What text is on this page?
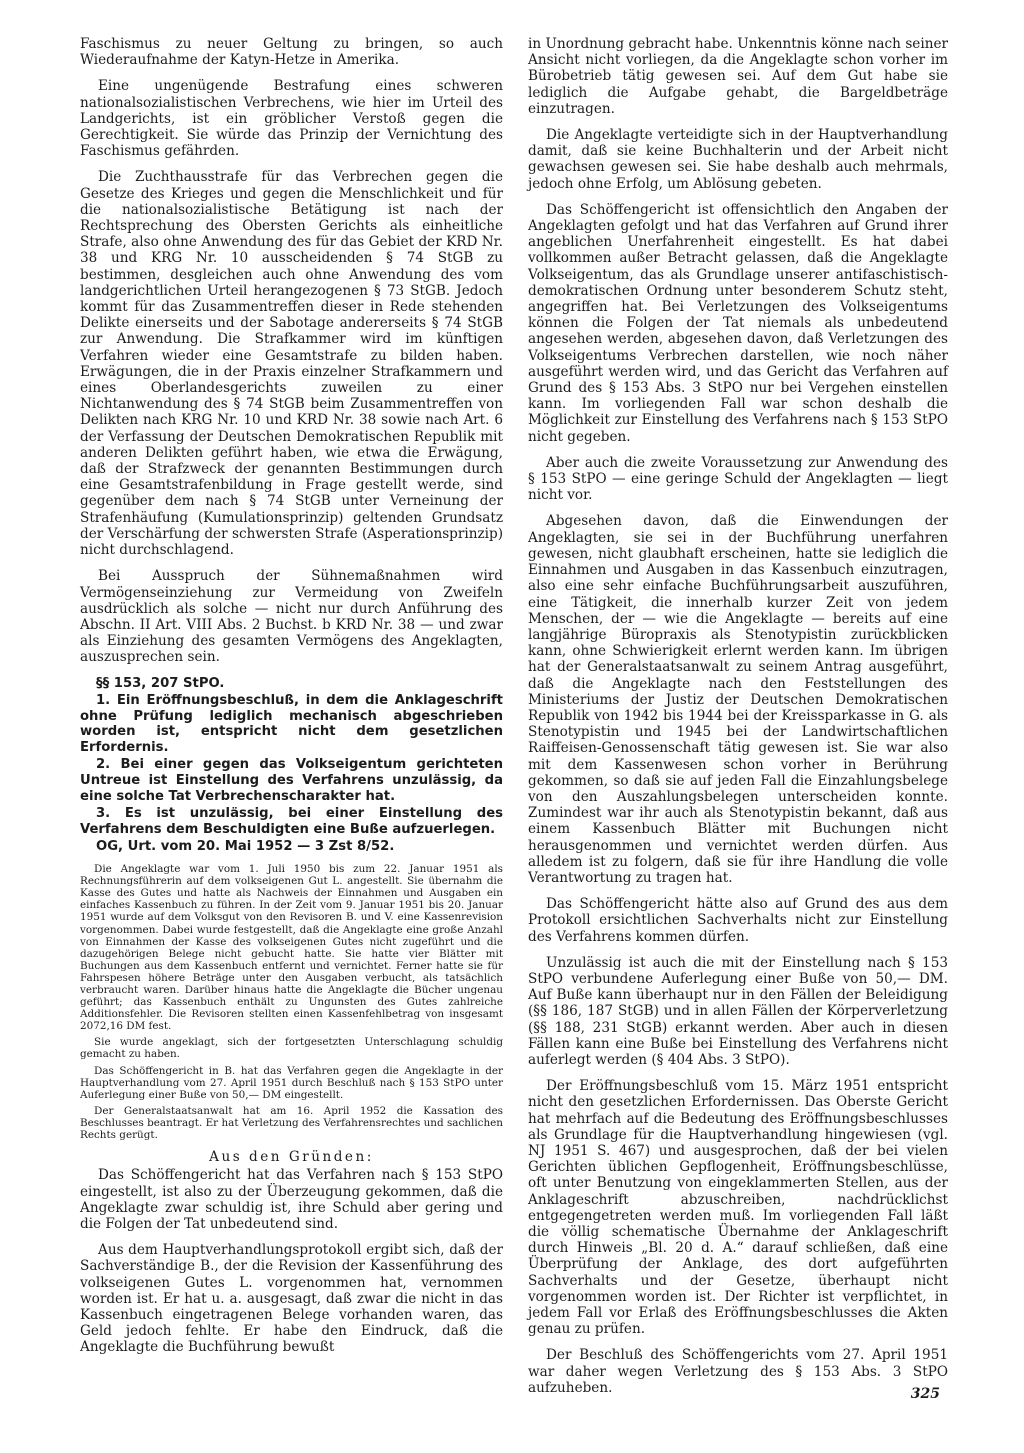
Faschismus zu neuer Geltung zu bringen, so auch Wiederaufnahme der Katyn-Hetze in Amerika.

Eine ungenügende Bestrafung eines schweren nationalsozialistischen Verbrechens, wie hier im Urteil des Landgerichts, ist ein gröblicher Verstoß gegen die Gerechtigkeit. Sie würde das Prinzip der Vernichtung des Faschismus gefährden.

Die Zuchthausstrafe für das Verbrechen gegen die Gesetze des Krieges und gegen die Menschlichkeit und für die nationalsozialistische Betätigung ist nach der Rechtsprechung des Obersten Gerichts als einheitliche Strafe, also ohne Anwendung des für das Gebiet der KRD Nr. 38 und KRG Nr. 10 ausscheidenden § 74 StGB zu bestimmen, desgleichen auch ohne Anwendung des vom landgerichtlichen Urteil herangezogenen § 73 StGB. Jedoch kommt für das Zusammentreffen dieser in Rede stehenden Delikte einerseits und der Sabotage andererseits § 74 StGB zur Anwendung. Die Strafkammer wird im künftigen Verfahren wieder eine Gesamtstrafe zu bilden haben. Erwägungen, die in der Praxis einzelner Strafkammern und eines Oberlandesgerichts zuweilen zu einer Nichtanwendung des § 74 StGB beim Zusammentreffen von Delikten nach KRG Nr. 10 und KRD Nr. 38 sowie nach Art. 6 der Verfassung der Deutschen Demokratischen Republik mit anderen Delikten geführt haben, wie etwa die Erwägung, daß der Strafzweck der genannten Bestimmungen durch eine Gesamtstrafenbildung in Frage gestellt werde, sind gegenüber dem nach § 74 StGB unter Verneinung der Strafenhäufung (Kumulationsprinzip) geltenden Grundsatz der Verschärfung der schwersten Strafe (Asperationsprinzip) nicht durchschlagend.

Bei Ausspruch der Sühnemaßnahmen wird Vermögenseinziehung zur Vermeidung von Zweifeln ausdrücklich als solche — nicht nur durch Anführung des Abschn. II Art. VIII Abs. 2 Buchst. b KRD Nr. 38 — und zwar als Einziehung des gesamten Vermögens des Angeklagten, auszusprechen sein.

§§ 153, 207 StPO.

1. Ein Eröffnungsbeschluß, in dem die Anklageschrift ohne Prüfung lediglich mechanisch abgeschrieben worden ist, entspricht nicht dem gesetzlichen Erfordernis.

2. Bei einer gegen das Volkseigentum gerichteten Untreue ist Einstellung des Verfahrens unzulässig, da eine solche Tat Verbrechenscharakter hat.

3. Es ist unzulässig, bei einer Einstellung des Verfahrens dem Beschuldigten eine Buße aufzuerlegen.

OG, Urt. vom 20. Mai 1952 — 3 Zst 8/52.

Die Angeklagte war vom 1. Juli 1950 bis zum 22. Januar 1951 als Rechnungsführerin auf dem volkseigenen Gut L. angestellt. Sie übernahm die Kasse des Gutes und hatte als Nachweis der Einnahmen und Ausgaben ein einfaches Kassenbuch zu führen. In der Zeit vom 9. Januar 1951 bis 20. Januar 1951 wurde auf dem Volksgut von den Revisoren B. und V. eine Kassenrevision vorgenommen. Dabei wurde festgestellt, daß die Angeklagte eine große Anzahl von Einnahmen der Kasse des volkseigenen Gutes nicht zugeführt und die dazugehörigen Belege nicht gebucht hatte. Sie hatte vier Blätter mit Buchungen aus dem Kassenbuch entfernt und vernichtet. Ferner hatte sie für Fahrspesen höhere Beträge unter den Ausgaben verbucht, als tatsächlich verbraucht waren. Darüber hinaus hatte die Angeklagte die Bücher ungenau geführt; das Kassenbuch enthält zu Ungunsten des Gutes zahlreiche Additionsfehler. Die Revisoren stellten einen Kassenfehlbetrag von insgesamt 2072,16 DM fest.

Sie wurde angeklagt, sich der fortgesetzten Unterschlagung schuldig gemacht zu haben.

Das Schöffengericht in B. hat das Verfahren gegen die Angeklagte in der Hauptverhandlung vom 27. April 1951 durch Beschluß nach § 153 StPO unter Auferlegung einer Buße von 50,— DM eingestellt.

Der Generalstaatsanwalt hat am 16. April 1952 die Kassation des Beschlusses beantragt. Er hat Verletzung des Verfahrensrechtes und sachlichen Rechts gerügt.

Aus den Gründen:

Das Schöffengericht hat das Verfahren nach § 153 StPO eingestellt, ist also zu der Überzeugung gekommen, daß die Angeklagte zwar schuldig ist, ihre Schuld aber gering und die Folgen der Tat unbedeutend sind.

Aus dem Hauptverhandlungsprotokoll ergibt sich, daß der Sachverständige B., der die Revision der Kassenführung des volkseigenen Gutes L. vorgenommen hat, vernommen worden ist. Er hat u. a. ausgesagt, daß zwar die nicht in das Kassenbuch eingetragenen Belege vorhanden waren, das Geld jedoch fehlte. Er habe den Eindruck, daß die Angeklagte die Buchführung bewußt

in Unordnung gebracht habe. Unkenntnis könne nach seiner Ansicht nicht vorliegen, da die Angeklagte schon vorher im Bürobetrieb tätig gewesen sei. Auf dem Gut habe sie lediglich die Aufgabe gehabt, die Bargeldbeträge einzutragen.

Die Angeklagte verteidigte sich in der Hauptverhandlung damit, daß sie keine Buchhalterin und der Arbeit nicht gewachsen gewesen sei. Sie habe deshalb auch mehrmals, jedoch ohne Erfolg, um Ablösung gebeten.

Das Schöffengericht ist offensichtlich den Angaben der Angeklagten gefolgt und hat das Verfahren auf Grund ihrer angeblichen Unerfahrenheit eingestellt. Es hat dabei vollkommen außer Betracht gelassen, daß die Angeklagte Volkseigentum, das als Grundlage unserer antifaschistisch-demokratischen Ordnung unter besonderem Schutz steht, angegriffen hat. Bei Verletzungen des Volkseigentums können die Folgen der Tat niemals als unbedeutend angesehen werden, abgesehen davon, daß Verletzungen des Volkseigentums Verbrechen darstellen, wie noch näher ausgeführt werden wird, und das Gericht das Verfahren auf Grund des § 153 Abs. 3 StPO nur bei Vergehen einstellen kann. Im vorliegenden Fall war schon deshalb die Möglichkeit zur Einstellung des Verfahrens nach § 153 StPO nicht gegeben.

Aber auch die zweite Voraussetzung zur Anwendung des § 153 StPO — eine geringe Schuld der Angeklagten — liegt nicht vor.

Abgesehen davon, daß die Einwendungen der Angeklagten, sie sei in der Buchführung unerfahren gewesen, nicht glaubhaft erscheinen, hatte sie lediglich die Einnahmen und Ausgaben in das Kassenbuch einzutragen, also eine sehr einfache Buchführungsarbeit auszuführen, eine Tätigkeit, die innerhalb kurzer Zeit von jedem Menschen, der — wie die Angeklagte — bereits auf eine langjährige Büropraxis als Stenotypistin zurückblicken kann, ohne Schwierigkeit erlernt werden kann. Im übrigen hat der Generalstaatsanwalt zu seinem Antrag ausgeführt, daß die Angeklagte nach den Feststellungen des Ministeriums der Justiz der Deutschen Demokratischen Republik von 1942 bis 1944 bei der Kreissparkasse in G. als Stenotypistin und 1945 bei der Landwirtschaftlichen Raiffeisen-Genossenschaft tätig gewesen ist. Sie war also mit dem Kassenwesen schon vorher in Berührung gekommen, so daß sie auf jeden Fall die Einzahlungsbelege von den Auszahlungsbelegen unterscheiden konnte. Zumindest war ihr auch als Stenotypistin bekannt, daß aus einem Kassenbuch Blätter mit Buchungen nicht herausgenommen und vernichtet werden dürfen. Aus alledem ist zu folgern, daß sie für ihre Handlung die volle Verantwortung zu tragen hat.

Das Schöffengericht hätte also auf Grund des aus dem Protokoll ersichtlichen Sachverhalts nicht zur Einstellung des Verfahrens kommen dürfen.

Unzulässig ist auch die mit der Einstellung nach § 153 StPO verbundene Auferlegung einer Buße von 50,— DM. Auf Buße kann überhaupt nur in den Fällen der Beleidigung (§§ 186, 187 StGB) und in allen Fällen der Körperverletzung (§§ 188, 231 StGB) erkannt werden. Aber auch in diesen Fällen kann eine Buße bei Einstellung des Verfahrens nicht auferlegt werden (§ 404 Abs. 3 StPO).

Der Eröffnungsbeschluß vom 15. März 1951 entspricht nicht den gesetzlichen Erfordernissen. Das Oberste Gericht hat mehrfach auf die Bedeutung des Eröffnungsbeschlusses als Grundlage für die Hauptverhandlung hingewiesen (vgl. NJ 1951 S. 467) und ausgesprochen, daß der bei vielen Gerichten üblichen Gepflogenheit, Eröffnungsbeschlüsse, oft unter Benutzung von eingeklammerten Stellen, aus der Anklageschrift abzuschreiben, nachdrücklichst entgegengetreten werden muß. Im vorliegenden Fall läßt die völlig schematische Übernahme der Anklageschrift durch Hinweis „Bl. 20 d. A.“ darauf schließen, daß eine Überprüfung der Anklage, des dort aufgeführten Sachverhalts und der Gesetze, überhaupt nicht vorgenommen worden ist. Der Richter ist verpflichtet, in jedem Fall vor Erlaß des Eröffnungsbeschlusses die Akten genau zu prüfen.

Der Beschluß des Schöffengerichts vom 27. April 1951 war daher wegen Verletzung des § 153 Abs. 3 StPO aufzuheben.	325
